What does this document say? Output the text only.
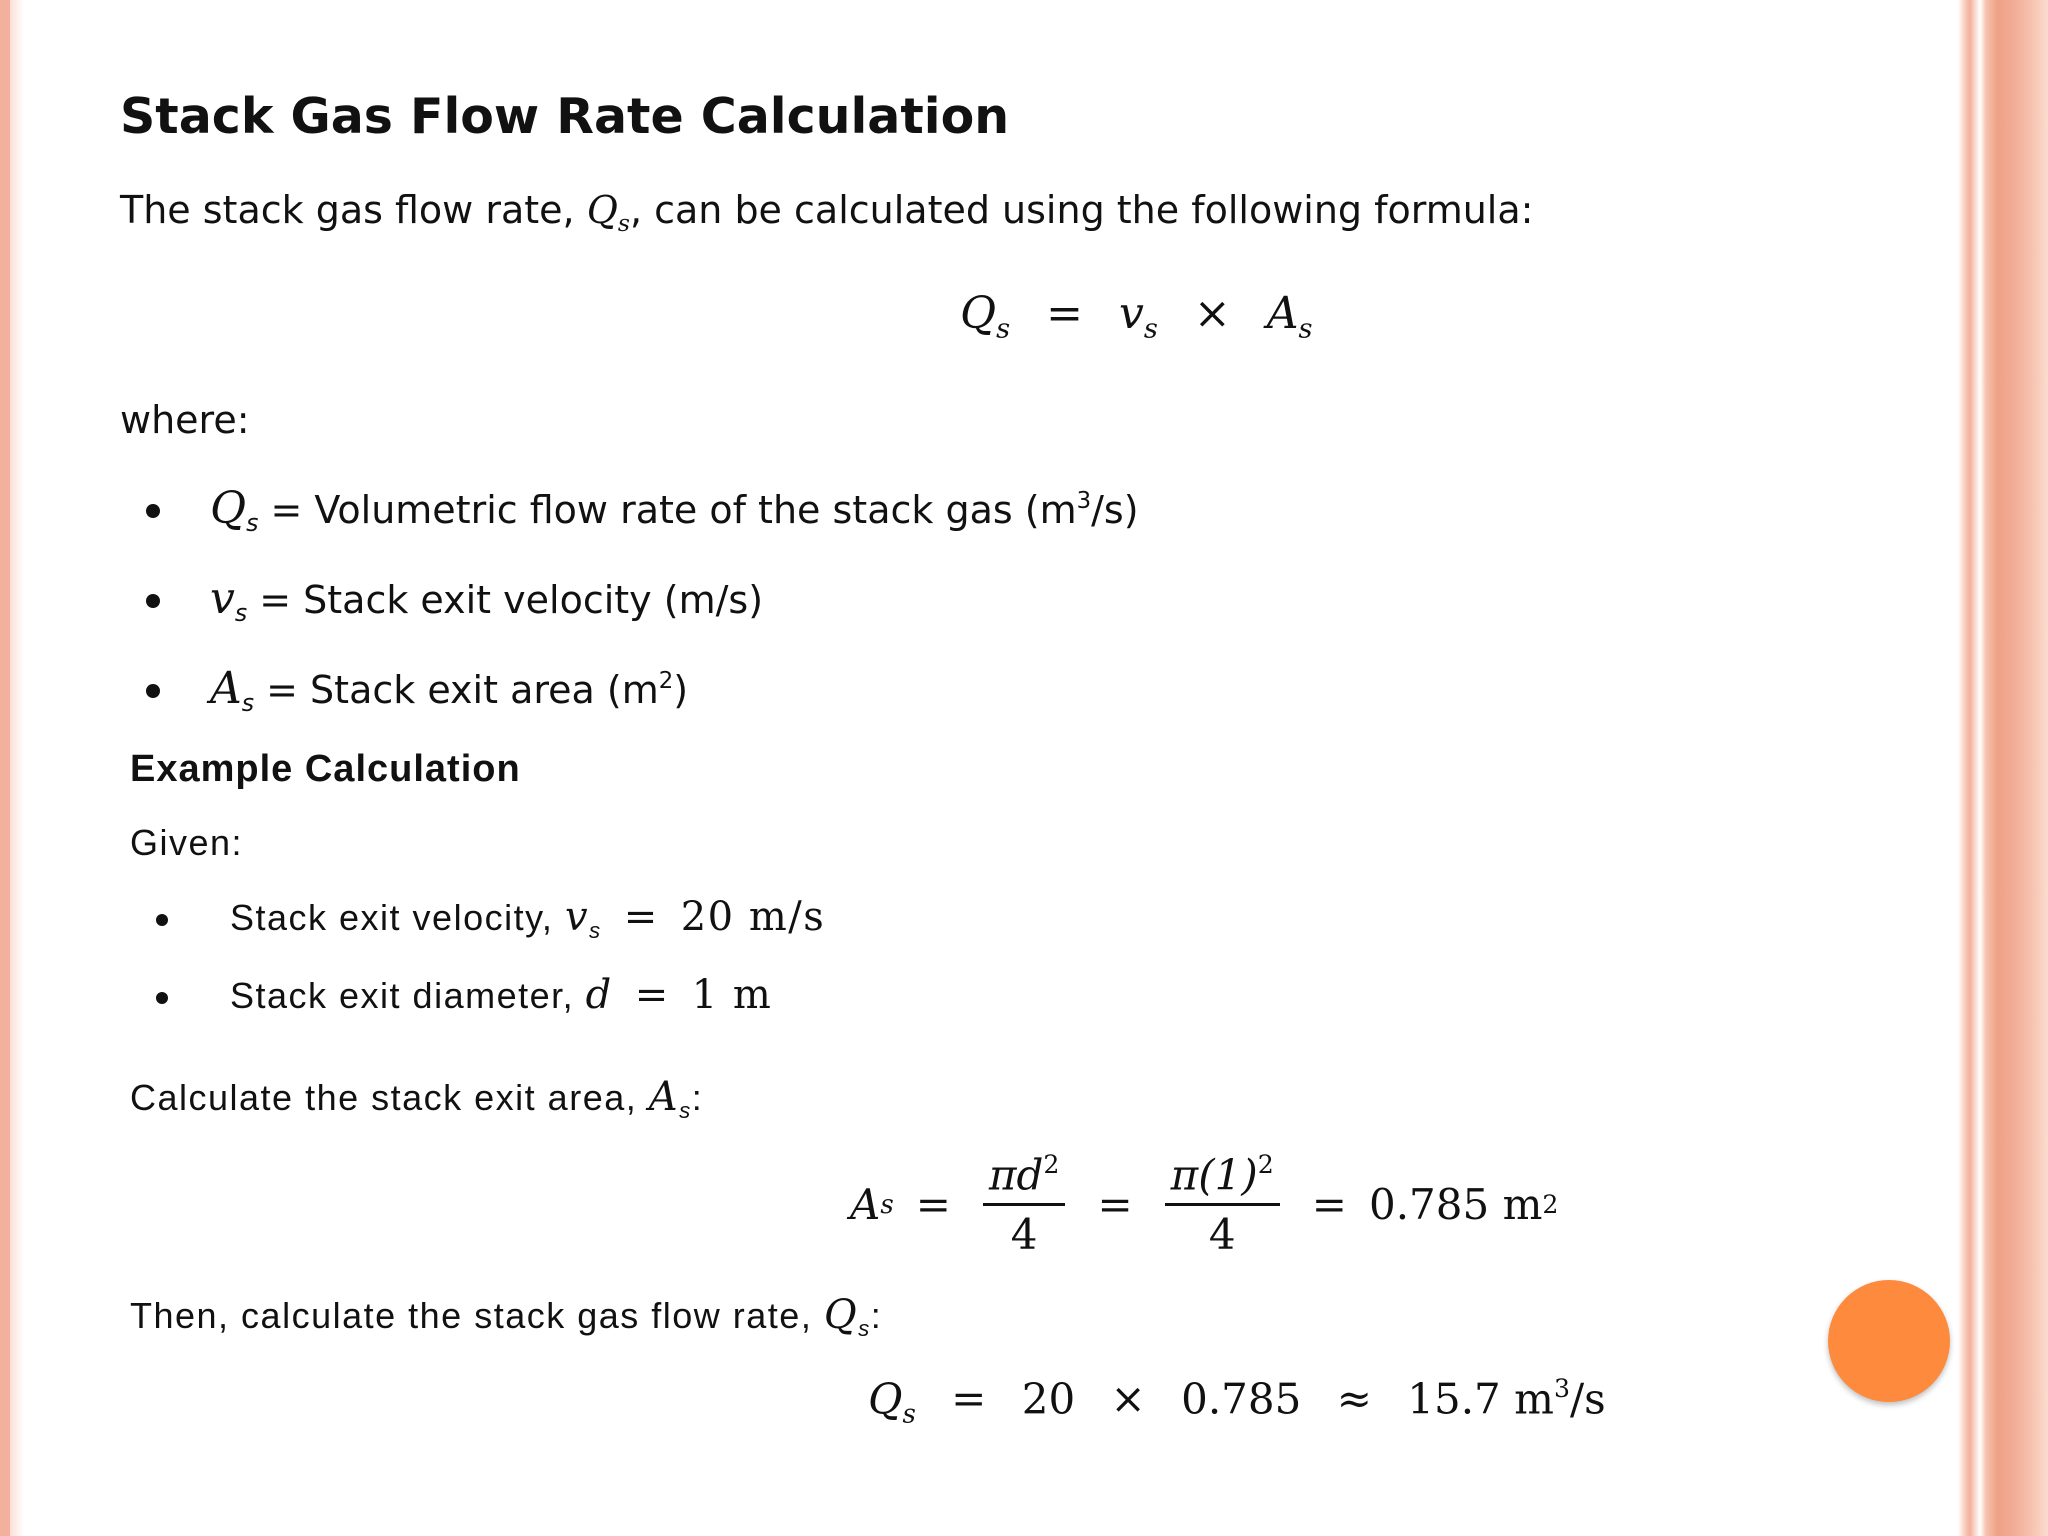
Stack Gas Flow Rate Calculation
The stack gas flow rate, $Q_s$, can be calculated using the following formula:
$Q_s = v_s \times A_s$
where:
$Q_s$ = Volumetric flow rate of the stack gas $(m^3/s)$
$v_s$ = Stack exit velocity (m/s)
$A_s$ = Stack exit area $(m^2)$
Example Calculation
Given:
Stack exit velocity, $v_s = 20$ m/s
Stack exit diameter, d = 1 m
Calculate the stack exit area, $A_s$:
A $s = \frac{\pi d^2}{4} = \frac{\pi(1)^2}{4} = 0.785$ m 2
Then, calculate the stack gas flow rate, $Q_s$:
$Q_s = 20 \times 0.785 \approx 15.7$ $m^3/s$
